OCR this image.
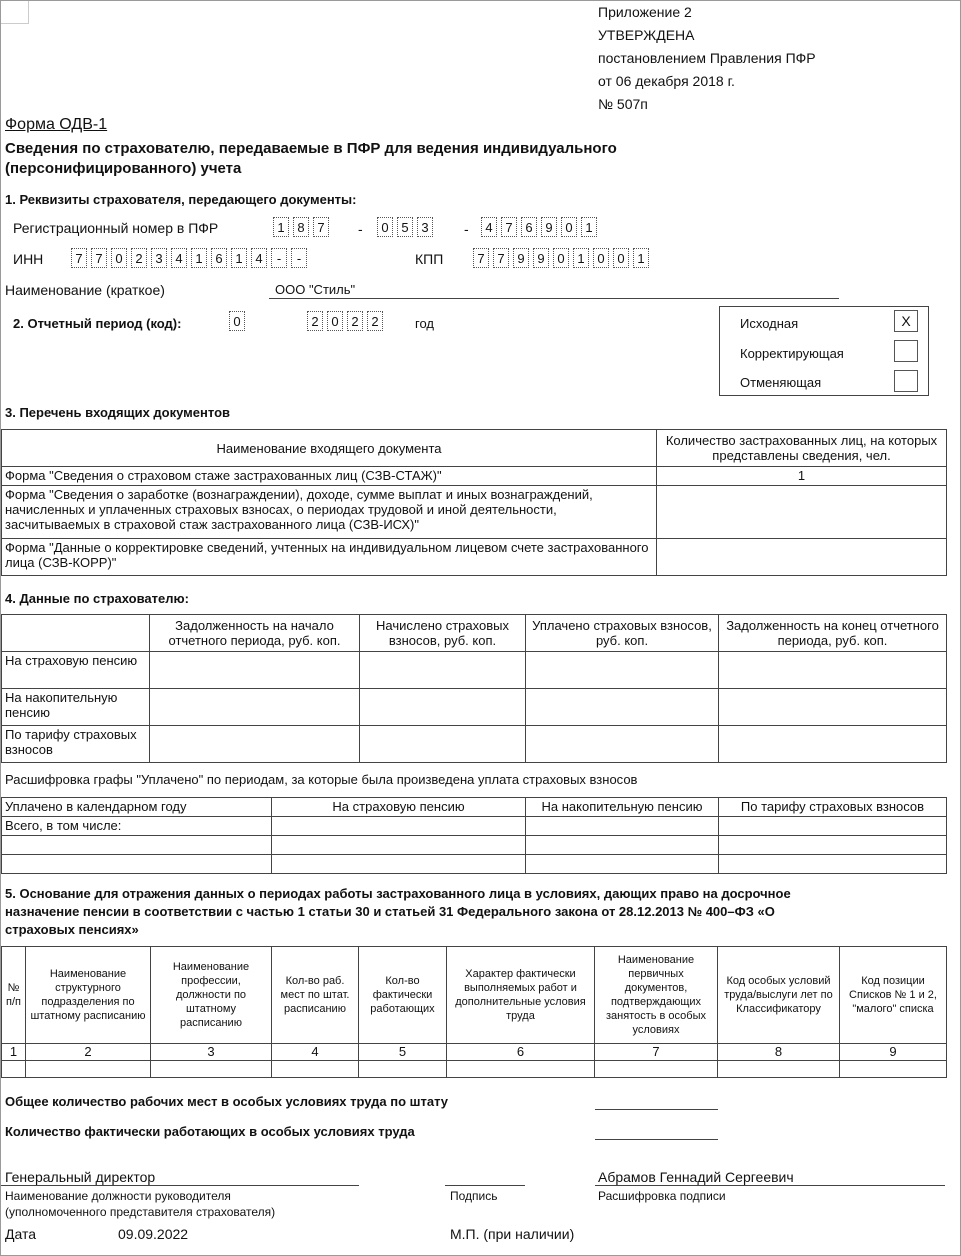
Приложение 2
УТВЕРЖДЕНА
постановлением Правления ПФР
от 06 декабря 2018 г.
№ 507п
Форма ОДВ-1
Сведения по страхователю, передаваемые в ПФР для ведения индивидуального
(персонифицированного) учета
1. Реквизиты страхователя, передающего документы:
Регистрационный номер в ПФР	1 8 7	-	0 5 3	-	4 7 6 9 0 1
ИНН	7 7 0 2 3 4 1 6 1 4	-	-	КПП	7 7 9 9 0 1 0 0 1
Наименование (краткое)	ООО "Стиль"
2. Отчетный период (код):	0	2 0 2 2	год	Исходная	X
Корректирующая
Отменяющая
3. Перечень входящих документов
Наименование входящего документа	Количество застрахованных лиц, на которых представлены сведения, чел.
Форма "Сведения о страховом стаже застрахованных лиц (СЗВ-СТАЖ)"	1
Форма "Сведения о заработке (вознаграждении), доходе, сумме выплат и иных вознаграждений, начисленных и уплаченных страховых взносах, о периодах трудовой и иной деятельности, засчитываемых в страховой стаж застрахованного лица (СЗВ-ИСХ)"	
Форма "Данные о корректировке сведений, учтенных на индивидуальном лицевом счете застрахованного лица (СЗВ-КОРР)"	
4. Данные по страхователю:
	Задолженность на начало отчетного периода, руб. коп.	Начислено страховых взносов, руб. коп.	Уплачено страховых взносов, руб. коп.	Задолженность на конец отчетного периода, руб. коп.
На страховую пенсию				
На накопительную пенсию				
По тарифу страховых взносов				
Расшифровка графы "Уплачено" по периодам, за которые была произведена уплата страховых взносов
Уплачено в календарном году	На страховую пенсию	На накопительную пенсию	По тарифу страховых взносов
Всего, в том числе:			

5. Основание для отражения данных о периодах работы застрахованного лица в условиях, дающих право на досрочное
назначение пенсии в соответствии с частью 1 статьи 30 и статьей 31 Федерального закона от 28.12.2013 № 400–ФЗ «О
страховых пенсиях»
№ п/п	Наименование структурного подразделения по штатному расписанию	Наименование профессии, должности по штатному расписанию	Кол-во раб. мест по штат. расписанию	Кол-во фактически работающих	Характер фактически выполняемых работ и дополнительные условия труда	Наименование первичных документов, подтверждающих занятость в особых условиях	Код особых условий труда/выслуги лет по Классификатору	Код позиции Списков № 1 и 2, "малого" списка
1	2	3	4	5	6	7	8	9

Общее количество рабочих мест в особых условиях труда по штату
Количество фактически работающих в особых условиях труда
Генеральный директор	Абрамов Геннадий Сергеевич
Наименование должности руководителя
(уполномоченного представителя страхователя)
Подпись	Расшифровка подписи
Дата	09.09.2022	М.П. (при наличии)
